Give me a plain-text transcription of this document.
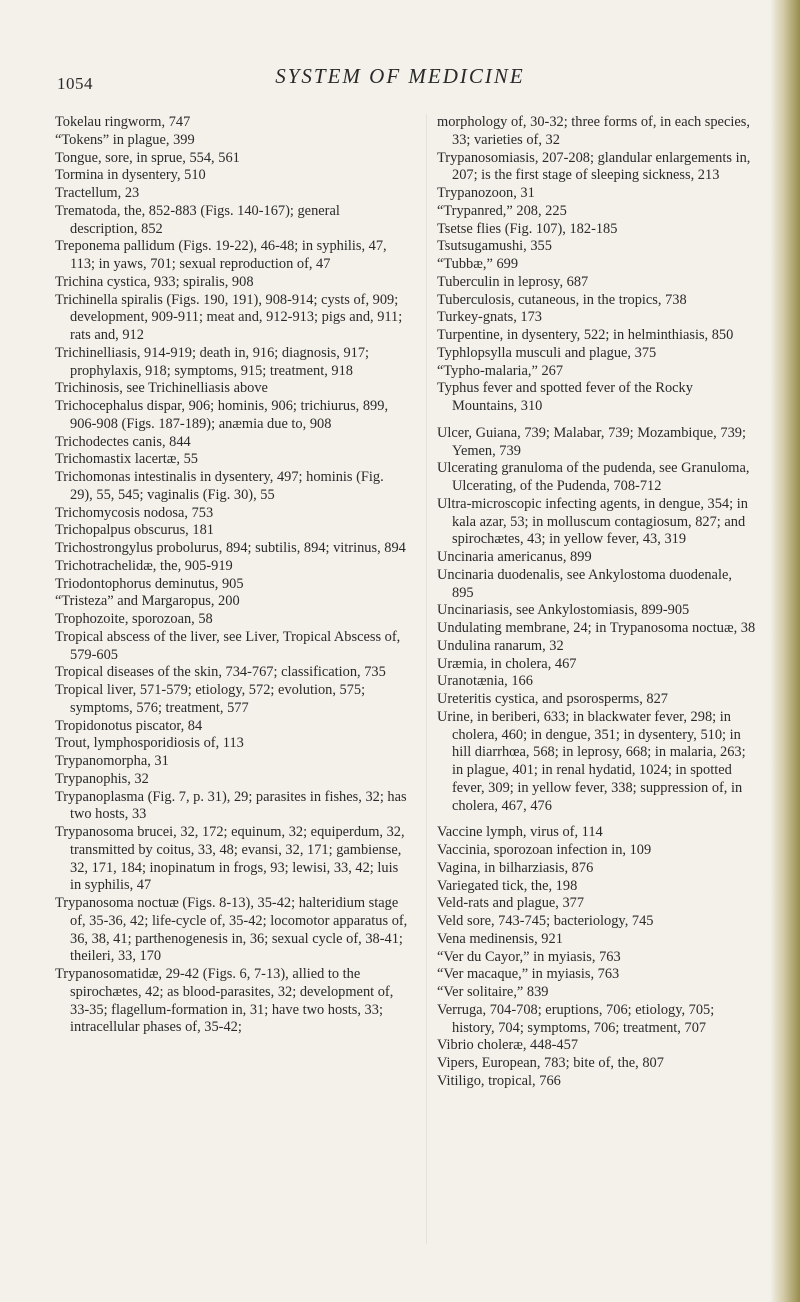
1054	SYSTEM OF MEDICINE
Tokelau ringworm, 747
“Tokens” in plague, 399
Tongue, sore, in sprue, 554, 561
Tormina in dysentery, 510
Tractellum, 23
Trematoda, the, 852-883 (Figs. 140-167); general description, 852
Treponema pallidum (Figs. 19-22), 46-48; in syphilis, 47, 113; in yaws, 701; sexual reproduction of, 47
Trichina cystica, 933; spiralis, 908
Trichinella spiralis (Figs. 190, 191), 908-914; cysts of, 909; development, 909-911; meat and, 912-913; pigs and, 911; rats and, 912
Trichinelliasis, 914-919; death in, 916; diagnosis, 917; prophylaxis, 918; symptoms, 915; treatment, 918
Trichinosis, see Trichinelliasis above
Trichocephalus dispar, 906; hominis, 906; trichiurus, 899, 906-908 (Figs. 187-189); anæmia due to, 908
Trichodectes canis, 844
Trichomastix lacertæ, 55
Trichomonas intestinalis in dysentery, 497; hominis (Fig. 29), 55, 545; vaginalis (Fig. 30), 55
Trichomycosis nodosa, 753
Trichopalpus obscurus, 181
Trichostrongylus probolurus, 894; subtilis, 894; vitrinus, 894
Trichotrachelidæ, the, 905-919
Triodontophorus deminutus, 905
“Tristeza” and Margaropus, 200
Trophozoite, sporozoan, 58
Tropical abscess of the liver, see Liver, Tropical Abscess of, 579-605
Tropical diseases of the skin, 734-767; classification, 735
Tropical liver, 571-579; etiology, 572; evolution, 575; symptoms, 576; treatment, 577
Tropidonotus piscator, 84
Trout, lymphosporidiosis of, 113
Trypanomorpha, 31
Trypanophis, 32
Trypanoplasma (Fig. 7, p. 31), 29; parasites in fishes, 32; has two hosts, 33
Trypanosoma brucei, 32, 172; equinum, 32; equiperdum, 32, transmitted by coitus, 33, 48; evansi, 32, 171; gambiense, 32, 171, 184; inopinatum in frogs, 93; lewisi, 33, 42; luis in syphilis, 47
Trypanosoma noctuæ (Figs. 8-13), 35-42; halteridium stage of, 35-36, 42; life-cycle of, 35-42; locomotor apparatus of, 36, 38, 41; parthenogenesis in, 36; sexual cycle of, 38-41; theileri, 33, 170
Trypanosomatidæ, 29-42 (Figs. 6, 7-13), allied to the spirochætes, 42; as blood-parasites, 32; development of, 33-35; flagellum-formation in, 31; have two hosts, 33; intracellular phases of, 35-42;
morphology of, 30-32; three forms of, in each species, 33; varieties of, 32
Trypanosomiasis, 207-208; glandular enlargements in, 207; is the first stage of sleeping sickness, 213
Trypanozoon, 31
“Trypanred,” 208, 225
Tsetse flies (Fig. 107), 182-185
Tsutsugamushi, 355
“Tubbæ,” 699
Tuberculin in leprosy, 687
Tuberculosis, cutaneous, in the tropics, 738
Turkey-gnats, 173
Turpentine, in dysentery, 522; in helminthiasis, 850
Typhlopsylla musculi and plague, 375
“Typho-malaria,” 267
Typhus fever and spotted fever of the Rocky Mountains, 310
Ulcer, Guiana, 739; Malabar, 739; Mozambique, 739; Yemen, 739
Ulcerating granuloma of the pudenda, see Granuloma, Ulcerating, of the Pudenda, 708-712
Ultra-microscopic infecting agents, in dengue, 354; in kala azar, 53; in molluscum contagiosum, 827; and spirochætes, 43; in yellow fever, 43, 319
Uncinaria americanus, 899
Uncinaria duodenalis, see Ankylostoma duodenale, 895
Uncinariasis, see Ankylostomiasis, 899-905
Undulating membrane, 24; in Trypanosoma noctuæ, 38
Undulina ranarum, 32
Uræmia, in cholera, 467
Uranotænia, 166
Ureteritis cystica, and psorosperms, 827
Urine, in beriberi, 633; in blackwater fever, 298; in cholera, 460; in dengue, 351; in dysentery, 510; in hill diarrhœa, 568; in leprosy, 668; in malaria, 263; in plague, 401; in renal hydatid, 1024; in spotted fever, 309; in yellow fever, 338; suppression of, in cholera, 467, 476
Vaccine lymph, virus of, 114
Vaccinia, sporozoan infection in, 109
Vagina, in bilharziasis, 876
Variegated tick, the, 198
Veld-rats and plague, 377
Veld sore, 743-745; bacteriology, 745
Vena medinensis, 921
“Ver du Cayor,” in myiasis, 763
“Ver macaque,” in myiasis, 763
“Ver solitaire,” 839
Verruga, 704-708; eruptions, 706; etiology, 705; history, 704; symptoms, 706; treatment, 707
Vibrio choleræ, 448-457
Vipers, European, 783; bite of, the, 807
Vitiligo, tropical, 766
